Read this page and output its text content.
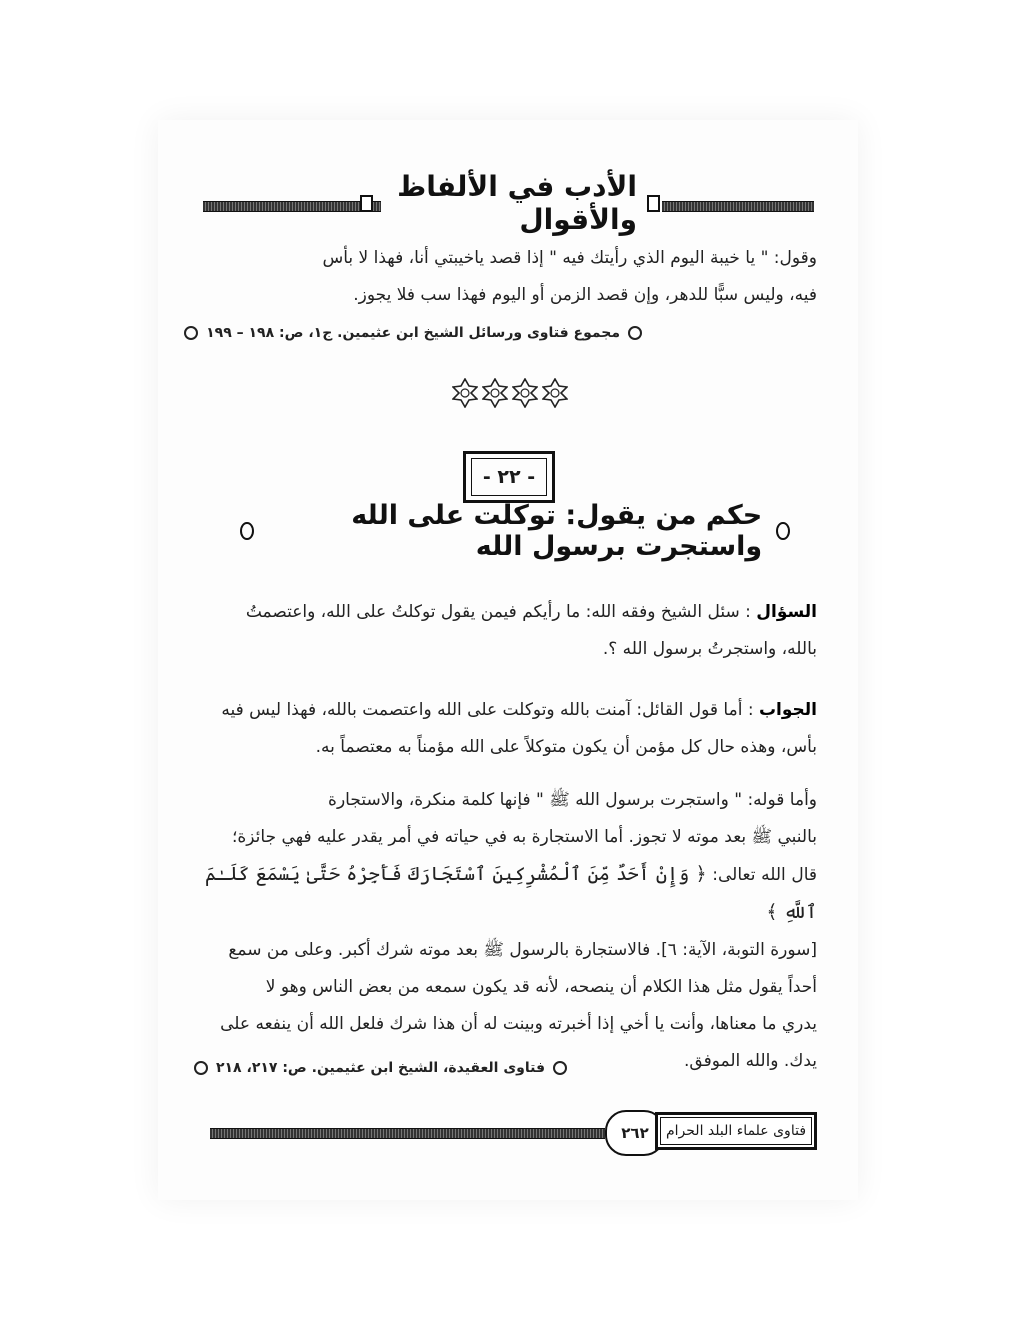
الأدب في الألفاظ والأقوال
وقول: " يا خيبة اليوم الذي رأيتك فيه " إذا قصد ياخيبتي أنا، فهذا لا بأس
فيه، وليس سبًّا للدهر، وإن قصد الزمن أو اليوم فهذا سب فلا يجوز.
مجموع فتاوى ورسائل الشيخ ابن عثيمين. ج١، ص: ١٩٨ – ١٩٩
- ٢٢ -
حكم من يقول: توكلت على الله واستجرت برسول الله
السؤال : سئل الشيخ وفقه الله: ما رأيكم فيمن يقول توكلتُ على الله، واعتصمتُ
بالله، واستجرتُ برسول الله ؟.
الجواب : أما قول القائل: آمنت بالله وتوكلت على الله واعتصمت بالله، فهذا ليس فيه
بأس، وهذه حال كل مؤمن أن يكون متوكلاً على الله مؤمناً به معتصماً به.
وأما قوله: " واستجرت برسول الله ﷺ " فإنها كلمة منكرة، والاستجارة
بالنبي ﷺ بعد موته لا تجوز. أما الاستجارة به في حياته في أمر يقدر عليه فهي جائزة؛
قال الله تعالى: ﴿ وَإِنْ أَحَدٌ مِّنَ ٱلْمُشْرِكِينَ ٱسْتَجَارَكَ فَأَجِرْهُ حَتَّىٰ يَسْمَعَ كَلَـٰمَ ٱللَّهِ ﴾
[سورة التوبة، الآية: ٦]. فالاستجارة بالرسول ﷺ بعد موته شرك أكبر. وعلى من سمع
أحداً يقول مثل هذا الكلام أن ينصحه، لأنه قد يكون سمعه من بعض الناس وهو لا
يدري ما معناها، وأنت يا أخي إذا أخبرته وبينت له أن هذا شرك فلعل الله أن ينفعه على
يدك. والله الموفق.
فتاوى العقيدة، الشيخ ابن عثيمين. ص: ٢١٧، ٢١٨
٢٦٢	فتاوى علماء البلد الحرام
